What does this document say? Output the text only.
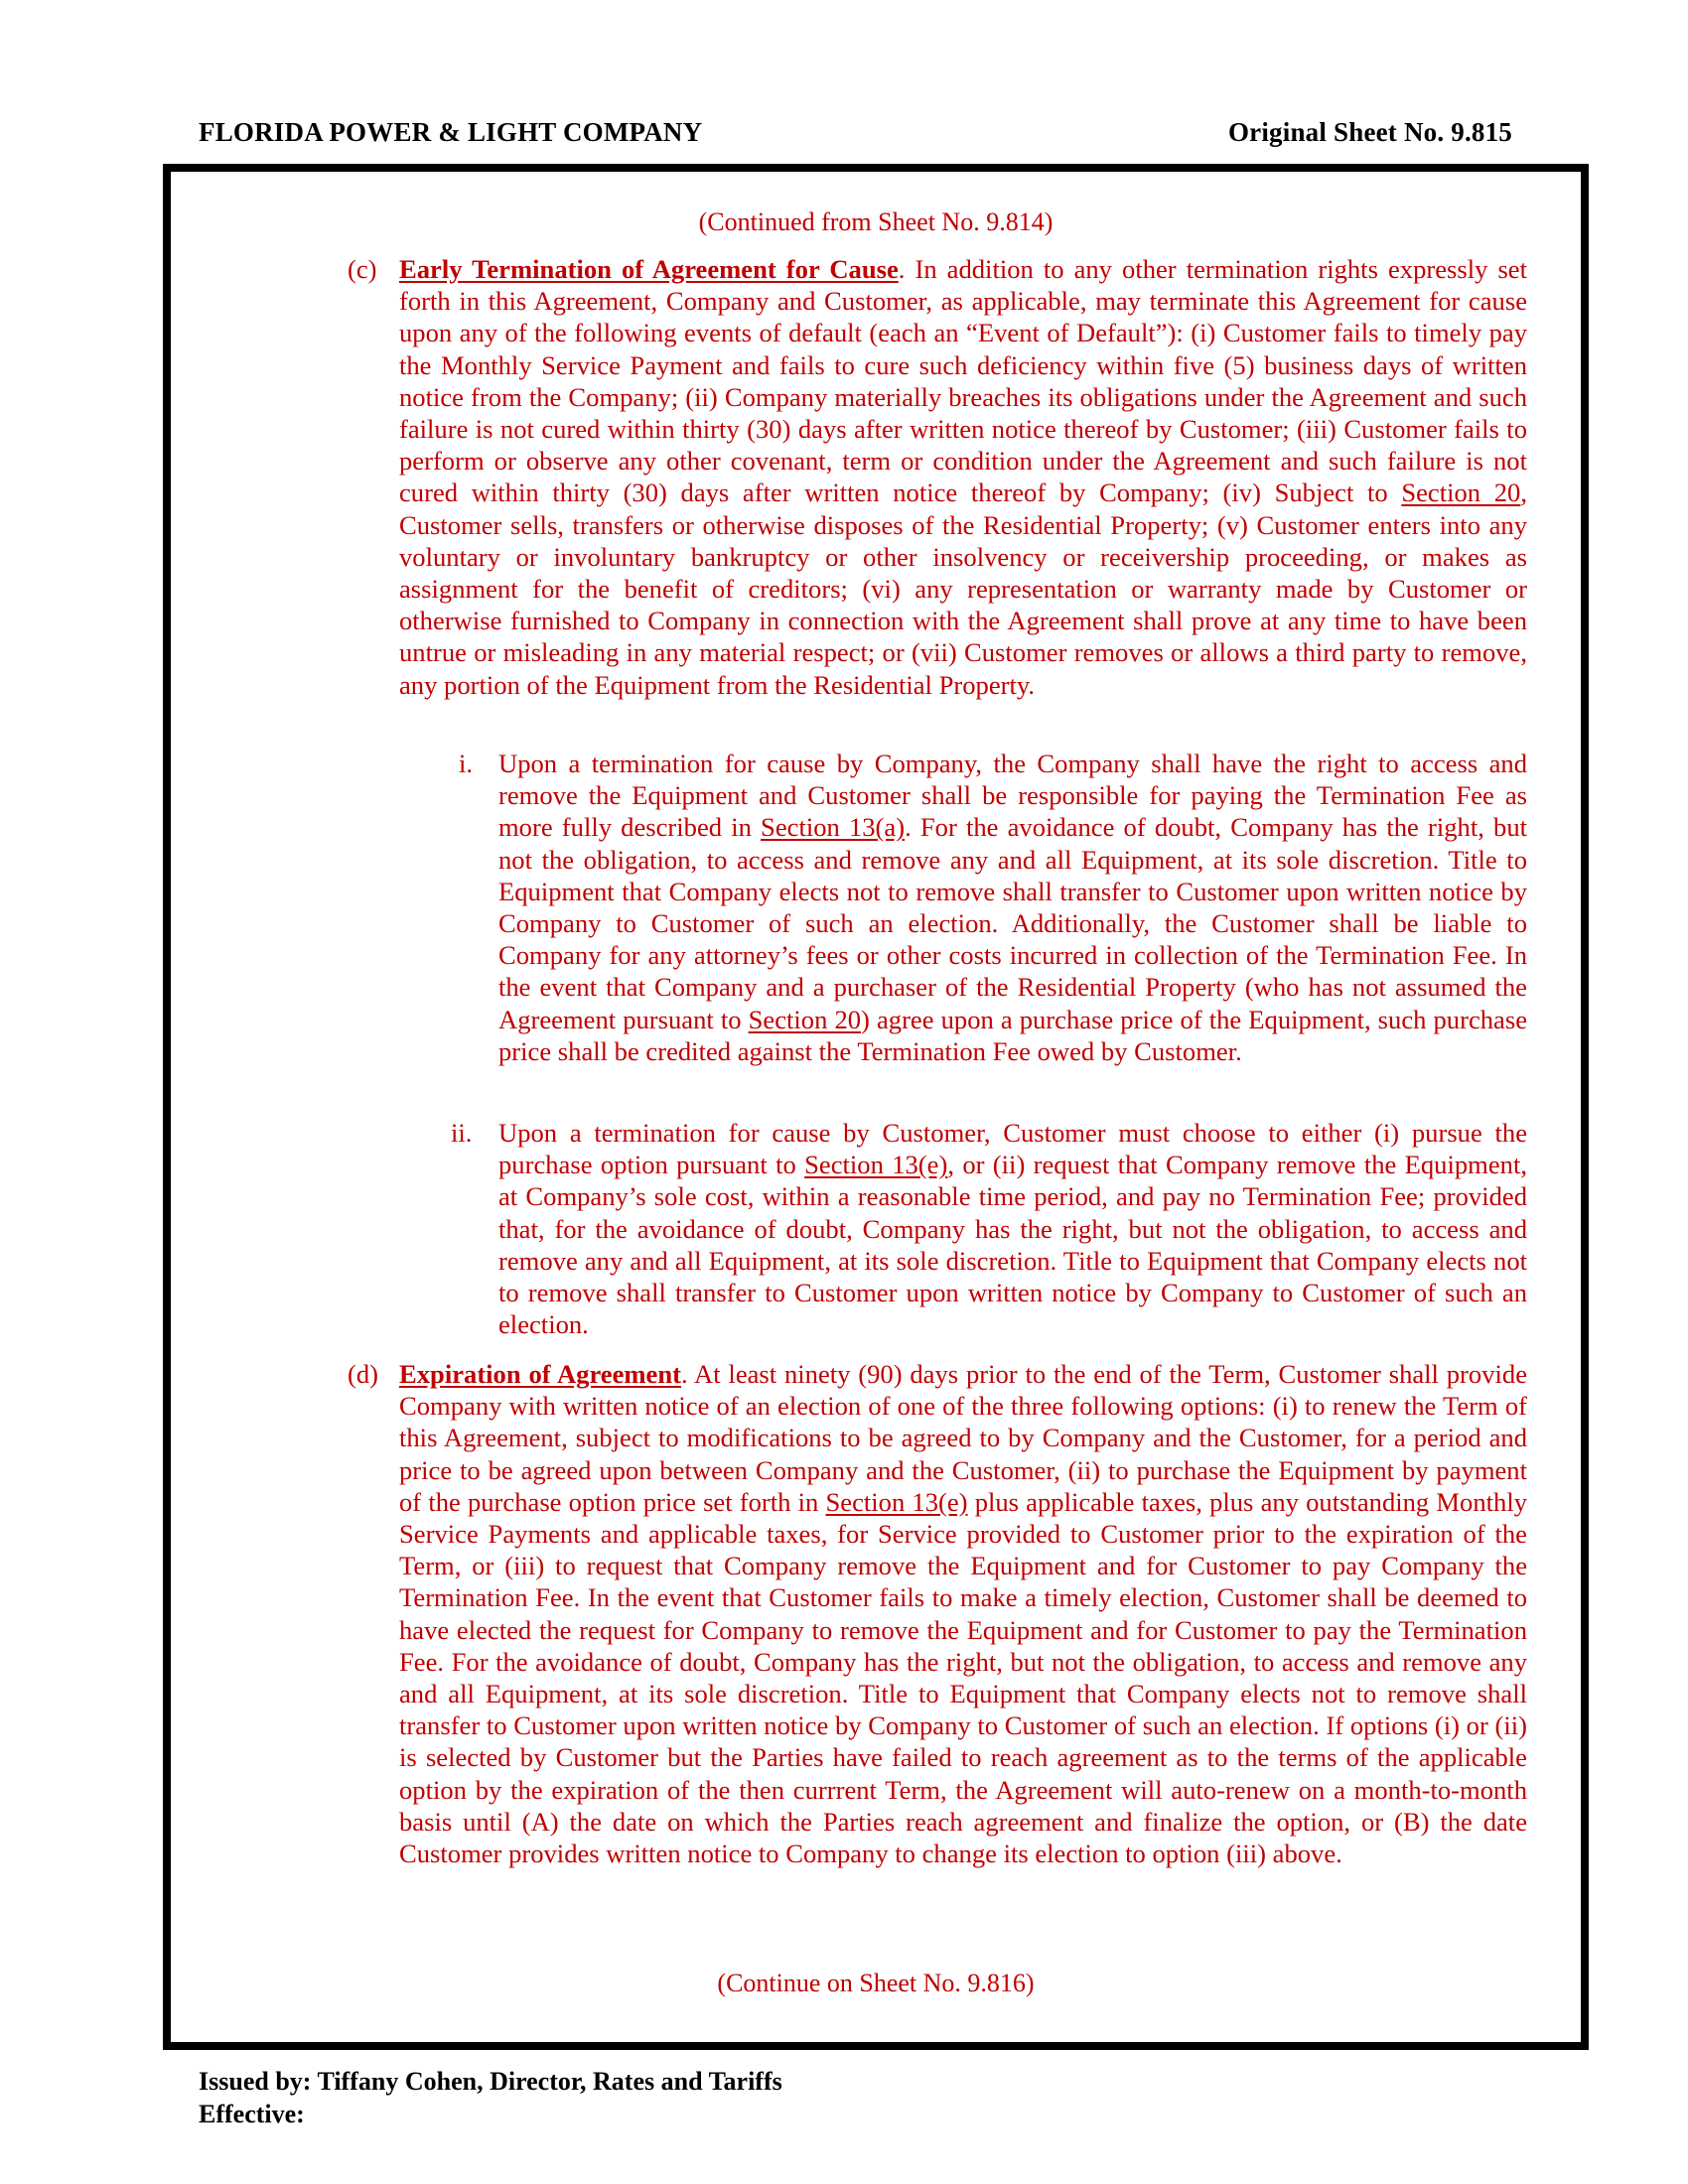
FLORIDA POWER & LIGHT COMPANY	Original Sheet No. 9.815
(Continued from Sheet No. 9.814)
(c) Early Termination of Agreement for Cause. In addition to any other termination rights expressly set forth in this Agreement, Company and Customer, as applicable, may terminate this Agreement for cause upon any of the following events of default (each an “Event of Default”): (i) Customer fails to timely pay the Monthly Service Payment and fails to cure such deficiency within five (5) business days of written notice from the Company; (ii) Company materially breaches its obligations under the Agreement and such failure is not cured within thirty (30) days after written notice thereof by Customer; (iii) Customer fails to perform or observe any other covenant, term or condition under the Agreement and such failure is not cured within thirty (30) days after written notice thereof by Company; (iv) Subject to Section 20, Customer sells, transfers or otherwise disposes of the Residential Property; (v) Customer enters into any voluntary or involuntary bankruptcy or other insolvency or receivership proceeding, or makes as assignment for the benefit of creditors; (vi) any representation or warranty made by Customer or otherwise furnished to Company in connection with the Agreement shall prove at any time to have been untrue or misleading in any material respect; or (vii) Customer removes or allows a third party to remove, any portion of the Equipment from the Residential Property.
i. Upon a termination for cause by Company, the Company shall have the right to access and remove the Equipment and Customer shall be responsible for paying the Termination Fee as more fully described in Section 13(a). For the avoidance of doubt, Company has the right, but not the obligation, to access and remove any and all Equipment, at its sole discretion. Title to Equipment that Company elects not to remove shall transfer to Customer upon written notice by Company to Customer of such an election. Additionally, the Customer shall be liable to Company for any attorney’s fees or other costs incurred in collection of the Termination Fee. In the event that Company and a purchaser of the Residential Property (who has not assumed the Agreement pursuant to Section 20) agree upon a purchase price of the Equipment, such purchase price shall be credited against the Termination Fee owed by Customer.
ii. Upon a termination for cause by Customer, Customer must choose to either (i) pursue the purchase option pursuant to Section 13(e), or (ii) request that Company remove the Equipment, at Company’s sole cost, within a reasonable time period, and pay no Termination Fee; provided that, for the avoidance of doubt, Company has the right, but not the obligation, to access and remove any and all Equipment, at its sole discretion. Title to Equipment that Company elects not to remove shall transfer to Customer upon written notice by Company to Customer of such an election.
(d) Expiration of Agreement. At least ninety (90) days prior to the end of the Term, Customer shall provide Company with written notice of an election of one of the three following options: (i) to renew the Term of this Agreement, subject to modifications to be agreed to by Company and the Customer, for a period and price to be agreed upon between Company and the Customer, (ii) to purchase the Equipment by payment of the purchase option price set forth in Section 13(e) plus applicable taxes, plus any outstanding Monthly Service Payments and applicable taxes, for Service provided to Customer prior to the expiration of the Term, or (iii) to request that Company remove the Equipment and for Customer to pay Company the Termination Fee. In the event that Customer fails to make a timely election, Customer shall be deemed to have elected the request for Company to remove the Equipment and for Customer to pay the Termination Fee. For the avoidance of doubt, Company has the right, but not the obligation, to access and remove any and all Equipment, at its sole discretion. Title to Equipment that Company elects not to remove shall transfer to Customer upon written notice by Company to Customer of such an election. If options (i) or (ii) is selected by Customer but the Parties have failed to reach agreement as to the terms of the applicable option by the expiration of the then currrent Term, the Agreement will auto-renew on a month-to-month basis until (A) the date on which the Parties reach agreement and finalize the option, or (B) the date Customer provides written notice to Company to change its election to option (iii) above.
(Continue on Sheet No. 9.816)
Issued by: Tiffany Cohen, Director, Rates and Tariffs
Effective:
